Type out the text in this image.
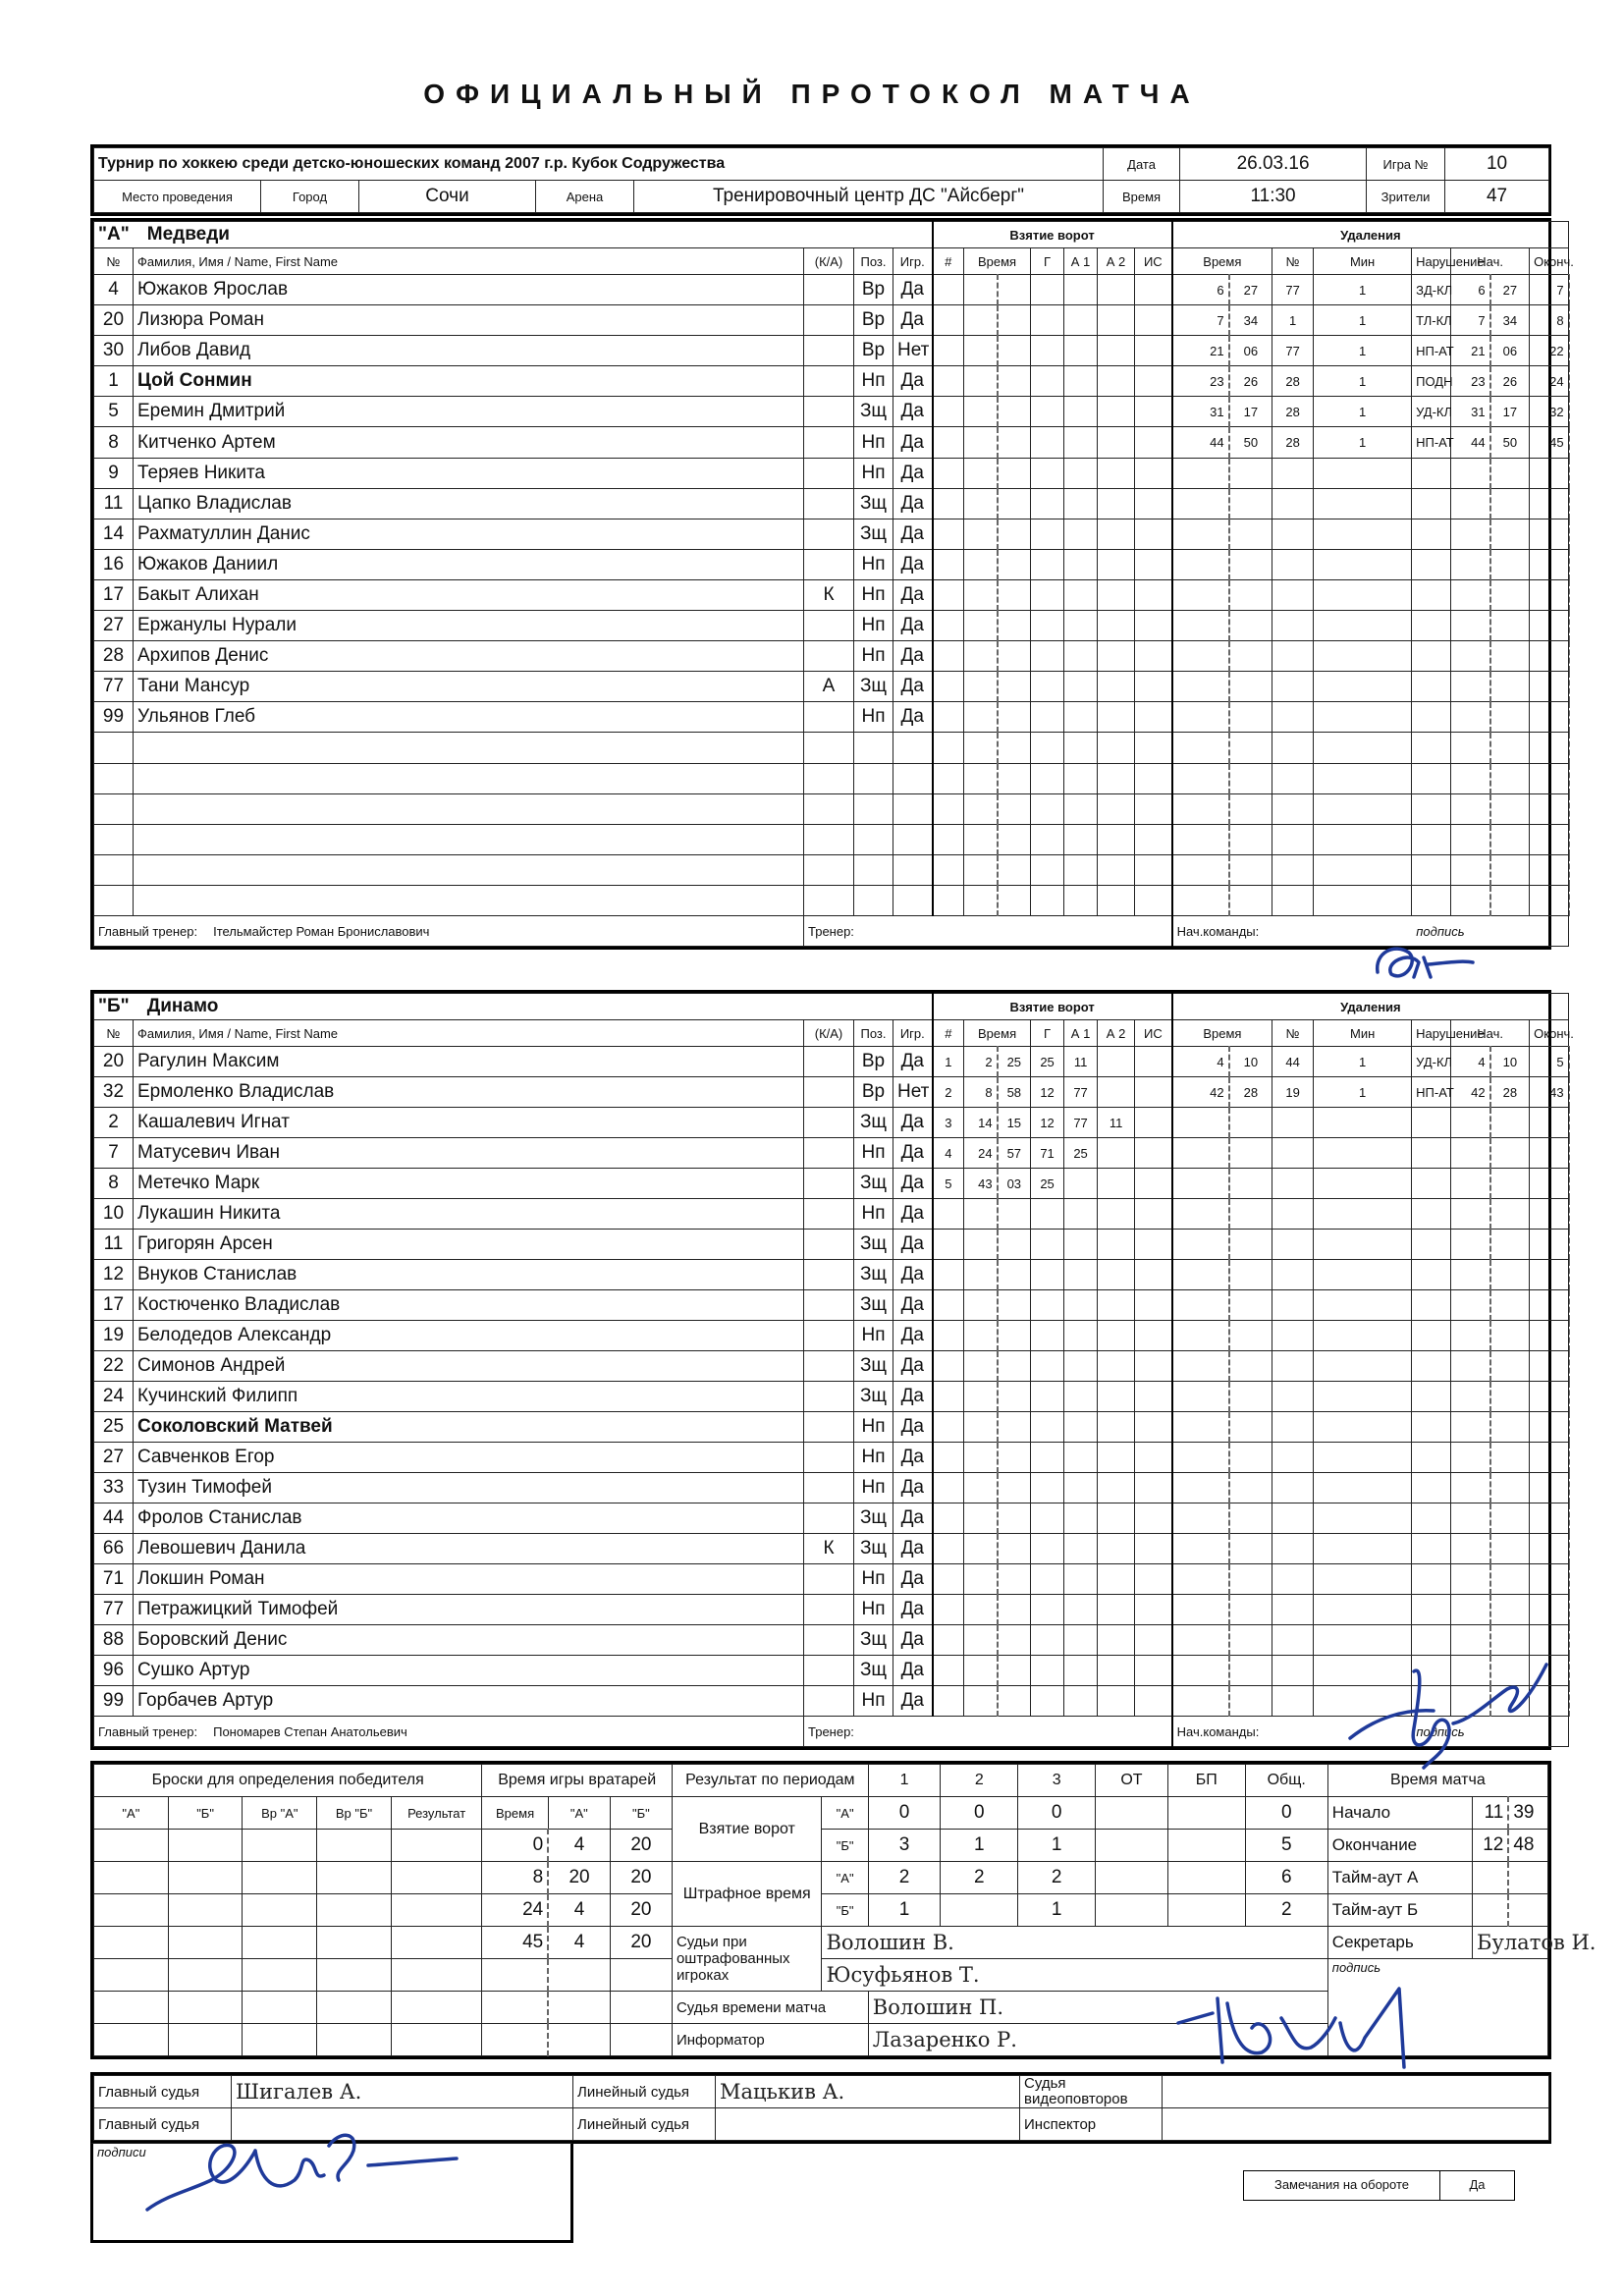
ОФИЦИАЛЬНЫЙ ПРОТОКОЛ МАТЧА
Турнир по хоккею среди детско-юношеских команд 2007 г.р. Кубок Содружества					Дата	26.03.16	Игра №	10
Место проведения	Город	Сочи	Арена	Тренировочный центр ДС "Айсберг"	Время	11:30	Зрители	47
"А" Медведи					Взятие ворот							Удаления								
№	Фамилия, Имя / Name, First Name	(К/А)	Поз.	Игр.	#	Время		Г	А 1	А 2	ИС	Время		№	Мин	Нарушение	Нач.		Оконч.	
4	Южаков Ярослав		Вр	Да								6	27	77	1	ЗД-КЛ	6	27	7	
20	Лизюра Роман		Вр	Да								7	34	1	1	ТЛ-КЛ	7	34	8	
30	Либов Давид		Вр	Нет								21	06	77	1	НП-АТ	21	06	22	
1	Цой Сонмин		Нп	Да								23	26	28	1	ПОДН	23	26	24	
5	Еремин Дмитрий		Зщ	Да								31	17	28	1	УД-КЛ	31	17	32	
8	Китченко Артем		Нп	Да								44	50	28	1	НП-АТ	44	50	45	
9	Теряев Никита		Нп	Да																
11	Цапко Владислав		Зщ	Да																
14	Рахматуллин Данис		Зщ	Да																
16	Южаков Даниил		Нп	Да																
17	Бакыт Алихан	К	Нп	Да																
27	Ержанулы Нурали		Нп	Да																
28	Архипов Денис		Нп	Да																
77	Тани Мансур	А	Зщ	Да																
99	Ульянов Глеб		Нп	Да																

Главный тренер: Ітельмайстер Роман Брониславович		Тренер:										Нач.команды: подпись								
"Б" Динамо					Взятие ворот							Удаления								
№	Фамилия, Имя / Name, First Name	(К/А)	Поз.	Игр.	#	Время		Г	А 1	А 2	ИС	Время		№	Мин	Нарушение	Нач.		Оконч.	
20	Рагулин Максим		Вр	Да	1	2	25	25	11			4	10	44	1	УД-КЛ	4	10	5	
32	Ермоленко Владислав		Вр	Нет	2	8	58	12	77			42	28	19	1	НП-АТ	42	28	43	
2	Кашалевич Игнат		Зщ	Да	3	14	15	12	77	11										
7	Матусевич Иван		Нп	Да	4	24	57	71	25											
8	Метечко Марк		Зщ	Да	5	43	03	25												
10	Лукашин Никита		Нп	Да																
11	Григорян Арсен		Зщ	Да																
12	Внуков Станислав		Зщ	Да																
17	Костюченко Владислав		Зщ	Да																
19	Белодедов Александр		Нп	Да																
22	Симонов Андрей		Зщ	Да																
24	Кучинский Филипп		Зщ	Да																
25	Соколовский Матвей		Нп	Да																
27	Савченков Егор		Нп	Да																
33	Тузин Тимофей		Нп	Да																
44	Фролов Станислав		Зщ	Да																
66	Левошевич Данила	К	Зщ	Да																
71	Локшин Роман		Нп	Да																
77	Петражицкий Тимофей		Нп	Да																
88	Боровский Денис		Зщ	Да																
96	Сушко Артур		Зщ	Да																
99	Горбачев Артур		Нп	Да																
Главный тренер: Пономарев Степан Анатольевич		Тренер:										Нач.команды: подпись								
Броски для определения победителя					Время игры вратарей			Результат по периодам		1	2	3	ОТ	БП	Общ.	Время матча		
"А"	"Б"	Вр "А"	Вр "Б"	Результат	Время	"А"	"Б"	Взятие ворот	"А"	0	0	0			0	Начало	11	39
					0	4	20		"Б"	3	1	1			5	Окончание	12	48
					8	20	20	Штрафное время	"А"	2	2	2			6	Тайм-аут А		
					24	4	20		"Б"	1		1			2	Тайм-аут Б		
					45	4	20	Судьи при оштрафованных игроках	Волошин В.							Секретарь	Булатов И.	
									Юсуфьянов Т.							подпись		
								Судья времени матча		Волошин П.								
								Информатор		Лазаренко Р.								
Главный судья	Шигалев А.	Линейный судья	Мацькив А.	Судья видеоповторов	
Главный судья		Линейный судья		Инспектор	
подписи
Замечания на обороте	Да
